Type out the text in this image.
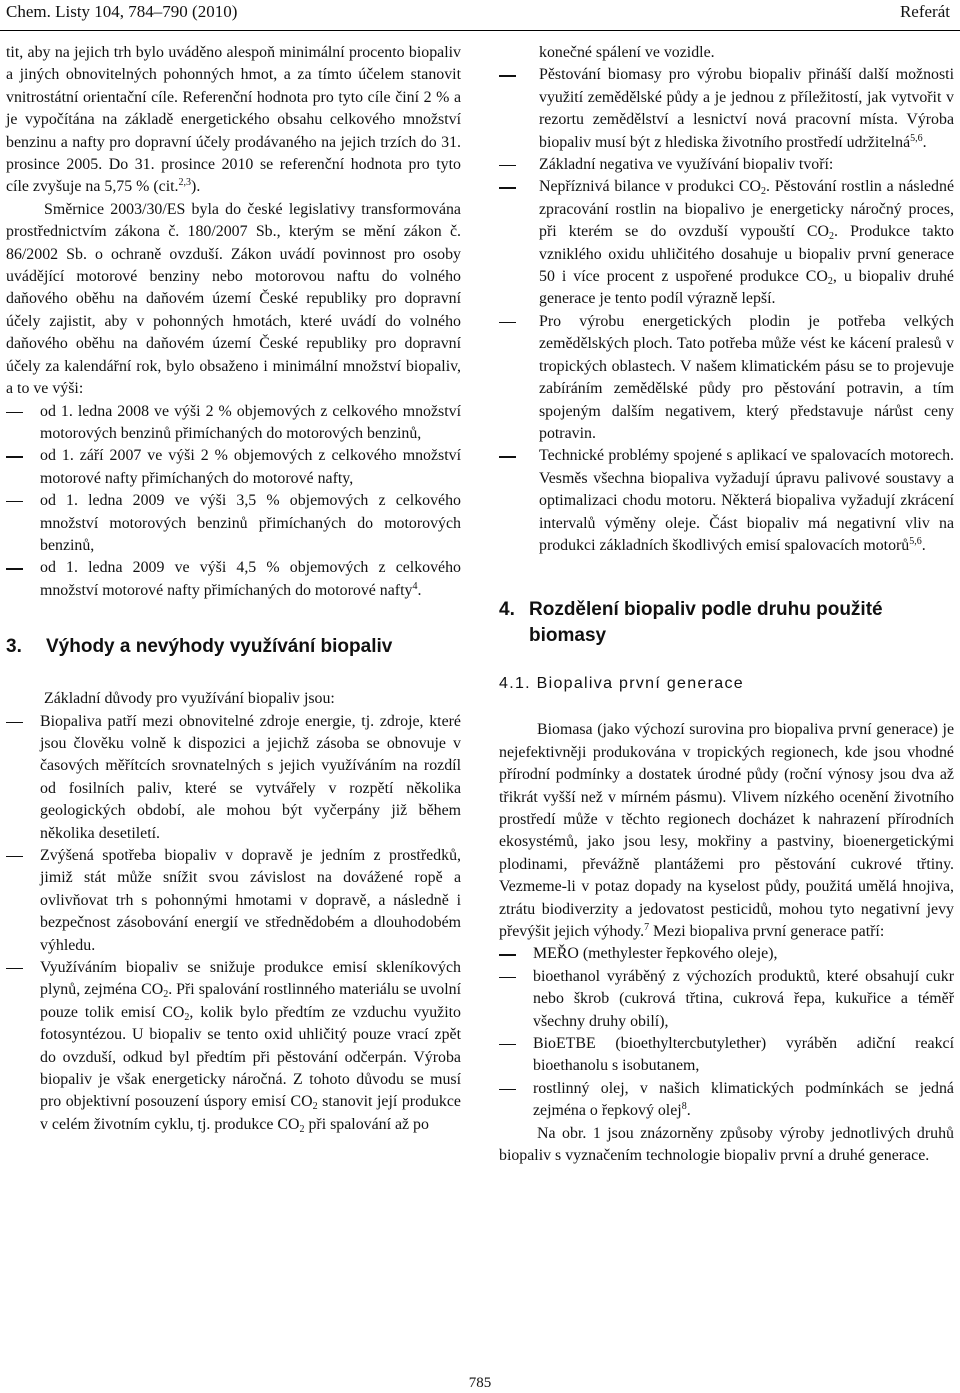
Chem. Listy 104, 784–790 (2010)	Referát

tit, aby na jejich trh bylo uváděno alespoň minimální procento biopaliv a jiných obnovitelných pohonných hmot, a za tímto účelem stanovit vnitrostátní orientační cíle. Referenční hodnota pro tyto cíle činí 2 % a je vypočítána na základě energetického obsahu celkového množství benzinu a nafty pro dopravní účely prodávaného na jejich trzích do 31. prosince 2005. Do 31. prosince 2010 se referenční hodnota pro tyto cíle zvyšuje na 5,75 % (cit.$^{2,3}$).

Směrnice 2003/30/ES byla do české legislativy transformována prostřednictvím zákona č. 180/2007 Sb., kterým se mění zákon č. 86/2002 Sb. o ochraně ovzduší. Zákon uvádí povinnost pro osoby uvádějící motorové benziny nebo motorovou naftu do volného daňového oběhu na daňovém území České republiky pro dopravní účely zajistit, aby v pohonných hmotách, které uvádí do volného daňového oběhu na daňovém území České republiky pro dopravní účely za kalendářní rok, bylo obsaženo i minimální množství biopaliv, a to ve výši:

od 1. ledna 2008 ve výši 2 % objemových z celkového množství motorových benzinů přimíchaných do motorových benzinů,
od 1. září 2007 ve výši 2 % objemových z celkového množství motorové nafty přimíchaných do motorové nafty,
od 1. ledna 2009 ve výši 3,5 % objemových z celkového množství motorových benzinů přimíchaných do motorových benzinů,
od 1. ledna 2009 ve výši 4,5 % objemových z celkového množství motorové nafty přimíchaných do motorové nafty$^4$.
3. Výhody a nevýhody využívání biopaliv

Základní důvody pro využívání biopaliv jsou:

Biopaliva patří mezi obnovitelné zdroje energie, tj. zdroje, které jsou člověku volně k dispozici a jejichž zásoba se obnovuje v časových měřítcích srovnatelných s jejich využíváním na rozdíl od fosilních paliv, které se vytvářely v rozpětí několika geologických období, ale mohou být vyčerpány již během několika desetiletí.
Zvýšená spotřeba biopaliv v dopravě je jedním z prostředků, jimiž stát může snížit svou závislost na dovážené ropě a ovlivňovat trh s pohonnými hmotami v dopravě, a následně i bezpečnost zásobování energií ve střednědobém a dlouhodobém výhledu.
Využíváním biopaliv se snižuje produkce emisí skleníkových plynů, zejména $CO_2$. Při spalování rostlinného materiálu se uvolní pouze tolik emisí $CO_2$, kolik bylo předtím ze vzduchu využito fotosyntézou. U biopaliv se tento oxid uhličitý pouze vrací zpět do ovzduší, odkud byl předtím při pěstování odčerpán. Výroba biopaliv je však energeticky náročná. Z tohoto důvodu se musí pro objektivní posouzení úspory emisí $CO_2$ stanovit její produkce v celém životním cyklu, tj. produkce $CO_2$ při spalování až po
konečné spálení ve vozidle.
Pěstování biomasy pro výrobu biopaliv přináší další možnosti využití zemědělské půdy a je jednou z příležitostí, jak vytvořit v rezortu zemědělství a lesnictví nová pracovní místa. Výroba biopaliv musí být z hlediska životního prostředí udržitelná$^{5,6}$.
Základní negativa ve využívání biopaliv tvoří:
Nepříznivá bilance v produkci $CO_2$. Pěstování rostlin a následné zpracování rostlin na biopalivo je energeticky náročný proces, při kterém se do ovzduší vypouští $CO_2$. Produkce takto vzniklého oxidu uhličitého dosahuje u biopaliv první generace 50 i více procent z uspořené produkce $CO_2$, u biopaliv druhé generace je tento podíl výrazně lepší.
Pro výrobu energetických plodin je potřeba velkých zemědělských ploch. Tato potřeba může vést ke kácení pralesů v tropických oblastech. V našem klimatickém pásu se to projevuje zabíráním zemědělské půdy pro pěstování potravin, a tím spojeným dalším negativem, který představuje nárůst ceny potravin.
Technické problémy spojené s aplikací ve spalovacích motorech. Vesměs všechna biopaliva vyžadují úpravu palivové soustavy a optimalizaci chodu motoru. Některá biopaliva vyžadují zkrácení intervalů výměny oleje. Část biopaliv má negativní vliv na produkci základních škodlivých emisí spalovacích motorů$^{5,6}$.
4. Rozdělení biopaliv podle druhu použité biomasy
4.1. Biopaliva první generace

Biomasa (jako výchozí surovina pro biopaliva první generace) je nejefektivněji produkována v tropických regionech, kde jsou vhodné přírodní podmínky a dostatek úrodné půdy (roční výnosy jsou dva až třikrát vyšší než v mírném pásmu). Vlivem nízkého ocenění životního prostředí může v těchto regionech docházet k nahrazení přírodních ekosystémů, jako jsou lesy, mokřiny a pastviny, bioenergetickými plodinami, převážně plantážemi pro pěstování cukrové třtiny. Vezmeme-li v potaz dopady na kyselost půdy, použitá umělá hnojiva, ztrátu biodiverzity a jedovatost pesticidů, mohou tyto negativní jevy převýšit jejich výhody.$^7$ Mezi biopaliva první generace patří:

MEŘO (methylester řepkového oleje),
bioethanol vyráběný z výchozích produktů, které obsahují cukr nebo škrob (cukrová třtina, cukrová řepa, kukuřice a téměř všechny druhy obilí),
BioETBE (bioethyltercbutylether) vyráběn adiční reakcí bioethanolu s isobutanem,
rostlinný olej, v našich klimatických podmínkách se jedná zejména o řepkový olej$^8$.

Na obr. 1 jsou znázorněny způsoby výroby jednotlivých druhů biopaliv s vyznačením technologie biopaliv první a druhé generace.

785
